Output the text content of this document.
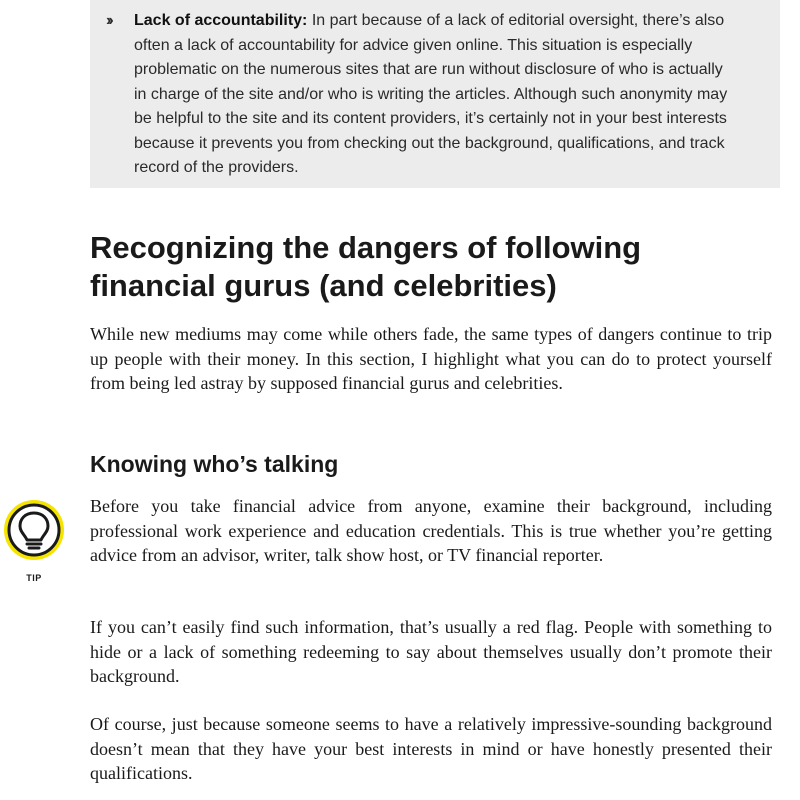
›› Lack of accountability: In part because of a lack of editorial oversight, there’s also often a lack of accountability for advice given online. This situation is especially problematic on the numerous sites that are run without disclosure of who is actually in charge of the site and/or who is writing the articles. Although such anonymity may be helpful to the site and its content providers, it’s certainly not in your best interests because it prevents you from checking out the background, qualifications, and track record of the providers.
Recognizing the dangers of following financial gurus (and celebrities)

While new mediums may come while others fade, the same types of dangers continue to trip up people with their money. In this section, I highlight what you can do to protect yourself from being led astray by supposed financial gurus and celebrities.

Knowing who’s talking
TIP

Before you take financial advice from anyone, examine their background, including professional work experience and education credentials. This is true whether you’re getting advice from an advisor, writer, talk show host, or TV financial reporter.

If you can’t easily find such information, that’s usually a red flag. People with something to hide or a lack of something redeeming to say about themselves usually don’t promote their background.

Of course, just because someone seems to have a relatively impressive-sounding background doesn’t mean that they have your best interests in mind or have honestly presented their qualifications.
